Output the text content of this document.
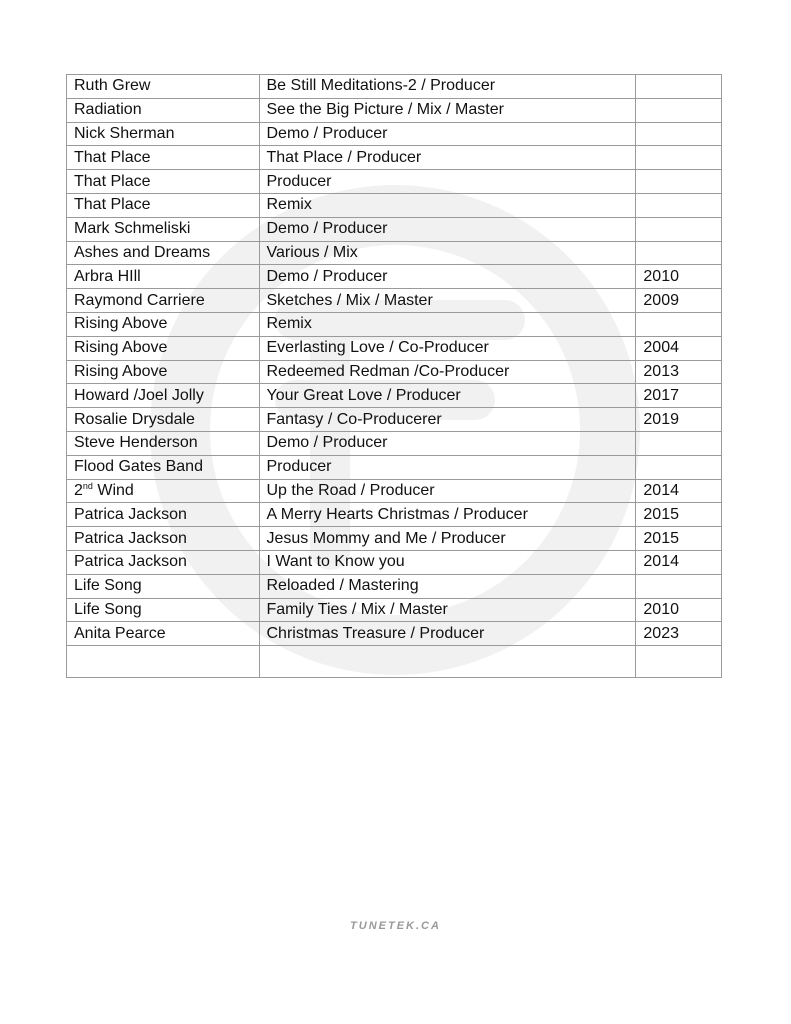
Ruth Grew	Be Still Meditations-2 / Producer	
Radiation	See the Big Picture / Mix / Master	
Nick Sherman	Demo / Producer	
That Place	That Place / Producer	
That Place	Producer	
That Place	Remix	
Mark Schmeliski	Demo / Producer	
Ashes and Dreams	Various / Mix	
Arbra HIll	Demo / Producer	2010
Raymond Carriere	Sketches / Mix / Master	2009
Rising Above	Remix	
Rising Above	Everlasting Love / Co-Producer	2004
Rising Above	Redeemed Redman /Co-Producer	2013
Howard /Joel Jolly	Your Great Love / Producer	2017
Rosalie Drysdale	Fantasy / Co-Producerer	2019
Steve Henderson	Demo / Producer	
Flood Gates Band	Producer	
2nd Wind	Up the Road / Producer	2014
Patrica Jackson	A Merry Hearts Christmas / Producer	2015
Patrica Jackson	Jesus Mommy and Me / Producer	2015
Patrica Jackson	I Want to Know you	2014
Life Song	Reloaded / Mastering	
Life Song	Family Ties / Mix / Master	2010
Anita Pearce	Christmas Treasure / Producer	2023

TUNETEK.CA
